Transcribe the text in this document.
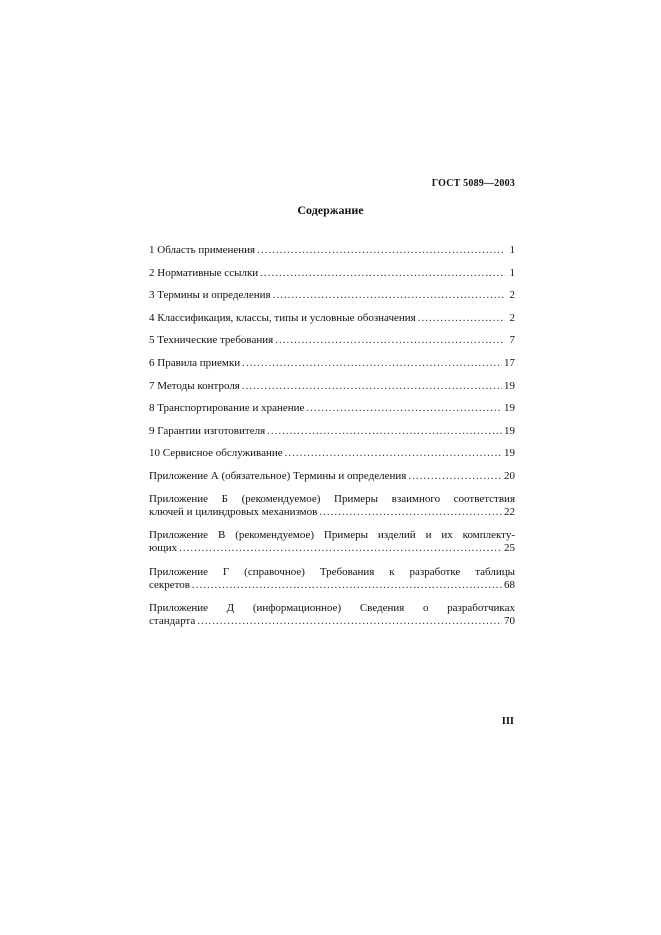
ГОСТ 5089—2003
Содержание
1 Область применения .....	1
2 Нормативные ссылки .....	1
3 Термины и определения .....	2
4 Классификация, классы, типы и условные обозначения .....	2
5 Технические требования .....	7
6 Правила приемки .....	17
7 Методы контроля .....	19
8 Транспортирование и хранение .....	19
9 Гарантии изготовителя .....	19
10 Сервисное обслуживание .....	19
Приложение А (обязательное) Термины и определения .....	20
Приложение Б (рекомендуемое) Примеры взаимного соответствия
ключей и цилиндровых механизмов .....	22
Приложение В (рекомендуемое) Примеры изделий и их комплекту-
ющих .....	25
Приложение Г (справочное) Требования к разработке таблицы
секретов .....	68
Приложение Д (информационное) Сведения о разработчиках
стандарта .....	70
III
